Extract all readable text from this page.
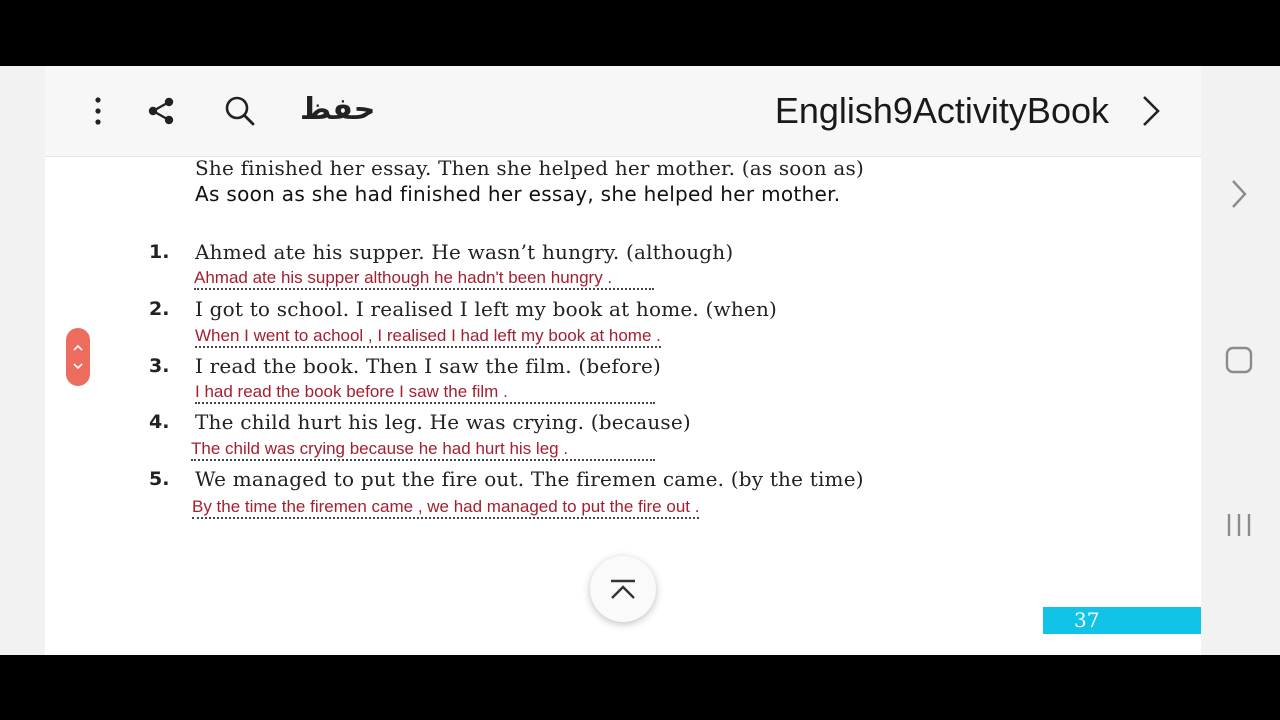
حفظ	English9ActivityBook
She finished her essay. Then she helped her mother. (as soon as)
As soon as she had finished her essay, she helped her mother.
1. Ahmed ate his supper. He wasn’t hungry. (although)
Ahmad ate his supper although he hadn't been hungry .
2. I got to school. I realised I left my book at home. (when)
When I went to achool , I realised I had left my book at home .
3. I read the book. Then I saw the film. (before)
I had read the book before I saw the film .
4. The child hurt his leg. He was crying. (because)
The child was crying because he had hurt his leg .
5. We managed to put the fire out. The firemen came. (by the time)
By the time the firemen came , we had managed to put the fire out .
37
